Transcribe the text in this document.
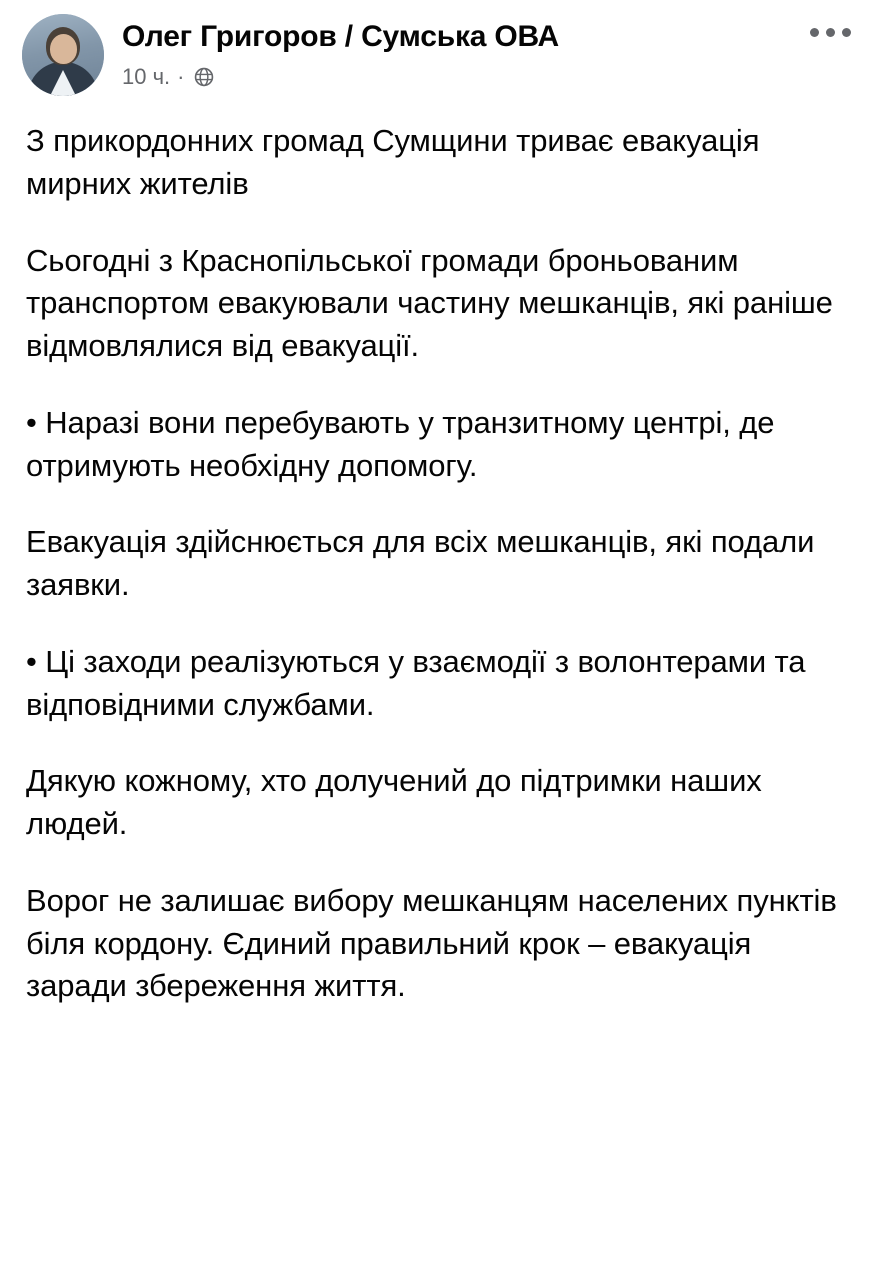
Олег Григоров / Сумська ОВА
10 ч. ·

З прикордонних громад Сумщини триває евакуація мирних жителів

Сьогодні з Краснопільської громади броньованим транспортом евакуювали частину мешканців, які раніше відмовлялися від евакуації.

• Наразі вони перебувають у транзитному центрі, де отримують необхідну допомогу.

Евакуація здійснюється для всіх мешканців, які подали заявки.

• Ці заходи реалізуються у взаємодії з волонтерами та відповідними службами.

Дякую кожному, хто долучений до підтримки наших людей.

Ворог не залишає вибору мешканцям населених пунктів біля кордону. Єдиний правильний крок – евакуація заради збереження життя.
